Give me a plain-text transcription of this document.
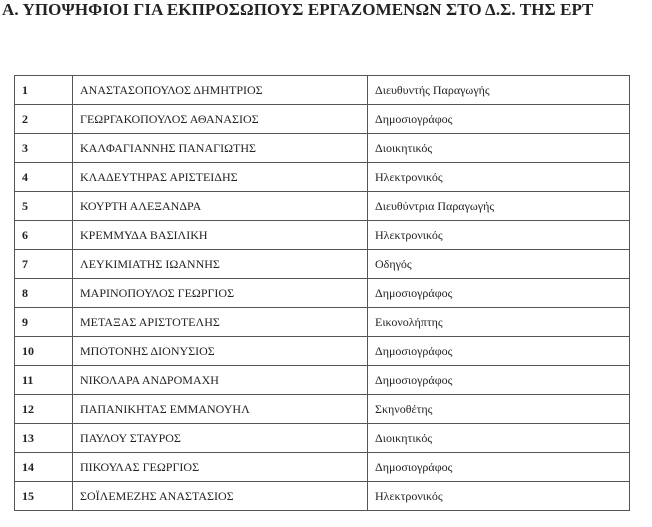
Α. ΥΠΟΨΗΦΙΟΙ ΓΙΑ ΕΚΠΡΟΣΩΠΟΥΣ ΕΡΓΑΖΟΜΕΝΩΝ ΣΤΟ Δ.Σ. ΤΗΣ ΕΡΤ
1	ΑΝΑΣΤΑΣΟΠΟΥΛΟΣ ΔΗΜΗΤΡΙΟΣ	Διευθυντής Παραγωγής
2	ΓΕΩΡΓΑΚΟΠΟΥΛΟΣ ΑΘΑΝΑΣΙΟΣ	Δημοσιογράφος
3	ΚΑΛΦΑΓΙΑΝΝΗΣ ΠΑΝΑΓΙΩΤΗΣ	Διοικητικός
4	ΚΛΑΔΕΥΤΗΡΑΣ ΑΡΙΣΤΕΙΔΗΣ	Ηλεκτρονικός
5	ΚΟΥΡΤΗ ΑΛΕΞΑΝΔΡΑ	Διευθύντρια Παραγωγής
6	ΚΡΕΜΜΥΔΑ ΒΑΣΙΛΙΚΗ	Ηλεκτρονικός
7	ΛΕΥΚΙΜΙΑΤΗΣ ΙΩΑΝΝΗΣ	Οδηγός
8	ΜΑΡΙΝΟΠΟΥΛΟΣ ΓΕΩΡΓΙΟΣ	Δημοσιογράφος
9	ΜΕΤΑΞΑΣ ΑΡΙΣΤΟΤΕΛΗΣ	Εικονολήπτης
10	ΜΠΟΤΟΝΗΣ ΔΙΟΝΥΣΙΟΣ	Δημοσιογράφος
11	ΝΙΚΟΛΑΡΑ ΑΝΔΡΟΜΑΧΗ	Δημοσιογράφος
12	ΠΑΠΑΝΙΚΗΤΑΣ ΕΜΜΑΝΟΥΗΛ	Σκηνοθέτης
13	ΠΑΥΛΟΥ ΣΤΑΥΡΟΣ	Διοικητικός
14	ΠΙΚΟΥΛΑΣ ΓΕΩΡΓΙΟΣ	Δημοσιογράφος
15	ΣΟΪΛΕΜΕΖΗΣ ΑΝΑΣΤΑΣΙΟΣ	Ηλεκτρονικός
